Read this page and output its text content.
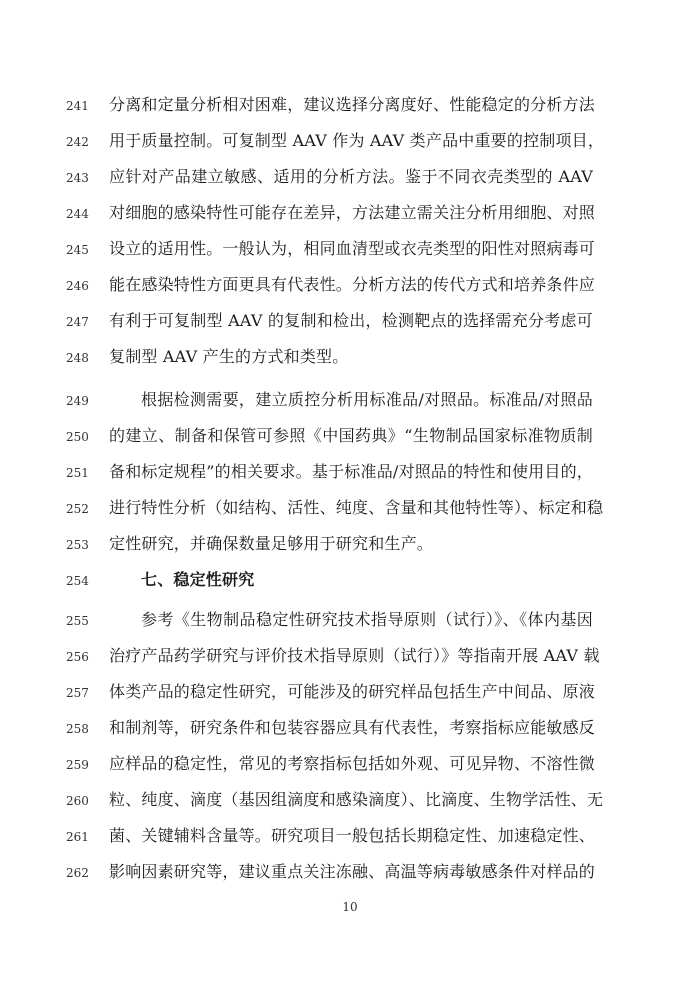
241	分离和定量分析相对困难，建议选择分离度好、性能稳定的分析方法
242	用于质量控制。可复制型 AAV 作为 AAV 类产品中重要的控制项目，
243	应针对产品建立敏感、适用的分析方法。鉴于不同衣壳类型的 AAV
244	对细胞的感染特性可能存在差异，方法建立需关注分析用细胞、对照
245	设立的适用性。一般认为，相同血清型或衣壳类型的阳性对照病毒可
246	能在感染特性方面更具有代表性。分析方法的传代方式和培养条件应
247	有利于可复制型 AAV 的复制和检出，检测靶点的选择需充分考虑可
248	复制型 AAV 产生的方式和类型。
249	根据检测需要，建立质控分析用标准品/对照品。标准品/对照品
250	的建立、制备和保管可参照《中国药典》“生物制品国家标准物质制
251	备和标定规程”的相关要求。基于标准品/对照品的特性和使用目的，
252	进行特性分析（如结构、活性、纯度、含量和其他特性等）、标定和稳
253	定性研究，并确保数量足够用于研究和生产。
254	七、稳定性研究
255	参考《生物制品稳定性研究技术指导原则（试行）》、《体内基因
256	治疗产品药学研究与评价技术指导原则（试行）》等指南开展 AAV 载
257	体类产品的稳定性研究，可能涉及的研究样品包括生产中间品、原液
258	和制剂等，研究条件和包装容器应具有代表性，考察指标应能敏感反
259	应样品的稳定性，常见的考察指标包括如外观、可见异物、不溶性微
260	粒、纯度、滴度（基因组滴度和感染滴度）、比滴度、生物学活性、无
261	菌、关键辅料含量等。研究项目一般包括长期稳定性、加速稳定性、
262	影响因素研究等，建议重点关注冻融、高温等病毒敏感条件对样品的
10
